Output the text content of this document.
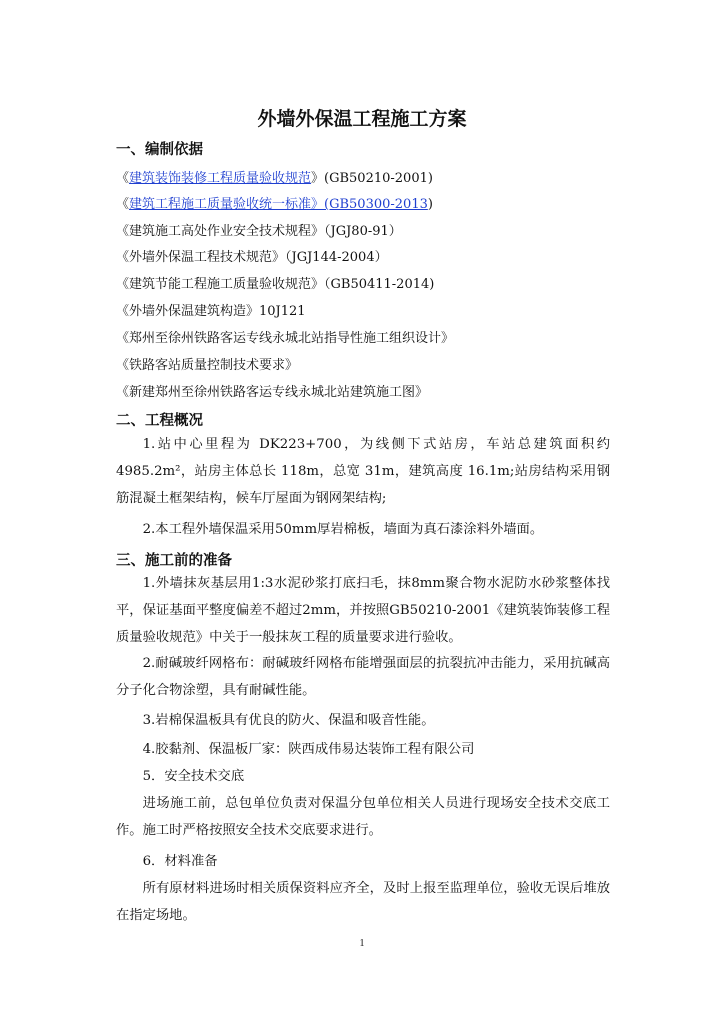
外墙外保温工程施工方案
一、编制依据

《建筑装饰装修工程质量验收规范》(GB50210-2001)

《建筑工程施工质量验收统一标准》(GB50300-2013)

《建筑施工高处作业安全技术规程》（JGJ80-91）

《外墙外保温工程技术规范》（JGJ144-2004）

《建筑节能工程施工质量验收规范》（GB50411-2014)

《外墙外保温建筑构造》10J121

《郑州至徐州铁路客运专线永城北站指导性施工组织设计》

《铁路客站质量控制技术要求》

《新建郑州至徐州铁路客运专线永城北站建筑施工图》

二、工程概况

1.站中心里程为 DK223+700，为线侧下式站房，车站总建筑面积约4985.2m²，站房主体总长 118m，总宽 31m，建筑高度 16.1m;站房结构采用钢筋混凝土框架结构，候车厅屋面为钢网架结构;

2.本工程外墙保温采用50mm厚岩棉板，墙面为真石漆涂料外墙面。

三、施工前的准备

1.外墙抹灰基层用1:3水泥砂浆打底扫毛，抹8mm聚合物水泥防水砂浆整体找平，保证基面平整度偏差不超过2mm，并按照GB50210-2001《建筑装饰装修工程质量验收规范》中关于一般抹灰工程的质量要求进行验收。

2.耐碱玻纤网格布：耐碱玻纤网格布能增强面层的抗裂抗冲击能力，采用抗碱高分子化合物涂塑，具有耐碱性能。

3.岩棉保温板具有优良的防火、保温和吸音性能。

4.胶黏剂、保温板厂家：陕西成伟易达装饰工程有限公司

5．安全技术交底

进场施工前，总包单位负责对保温分包单位相关人员进行现场安全技术交底工作。施工时严格按照安全技术交底要求进行。

6．材料准备

所有原材料进场时相关质保资料应齐全，及时上报至监理单位，验收无误后堆放在指定场地。

1
